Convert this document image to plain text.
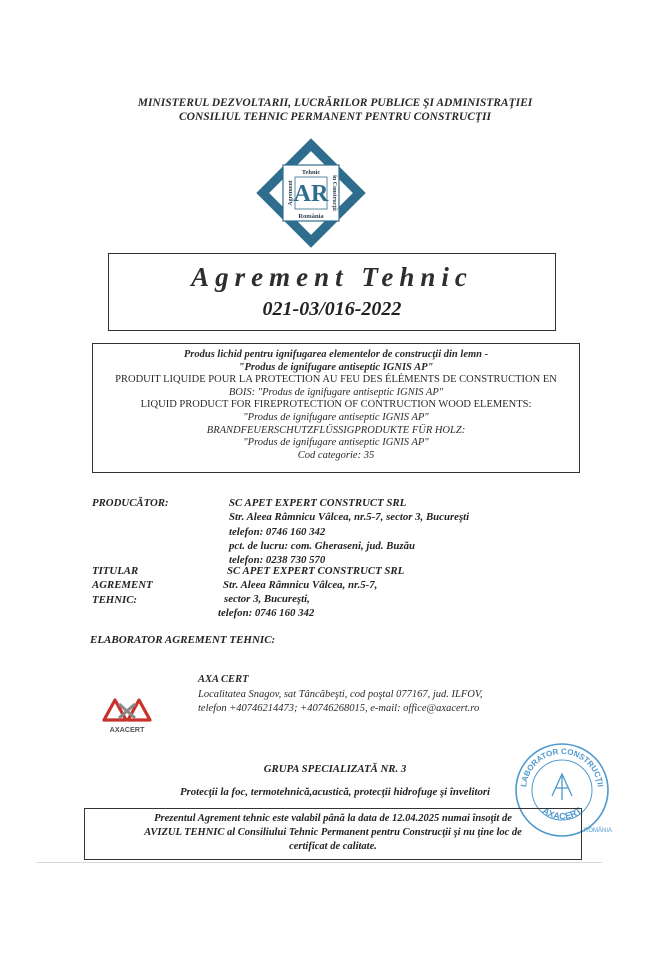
MINISTERUL DEZVOLTARII, LUCRĂRILOR PUBLICE ŞI ADMINISTRAŢIEI
CONSILIUL TEHNIC PERMANENT PENTRU CONSTRUCŢII
AR
Tehnic
România
în Construcţii
Agrement
Agrement Tehnic
021-03/016-2022
Produs lichid pentru ignifugarea elementelor de construcţii din lemn -
"Produs de ignifugare antiseptic IGNIS AP"
PRODUIT LIQUIDE POUR LA PROTECTION AU FEU DES ÉLÉMENTS DE CONSTRUCTION EN
BOIS: "Produs de ignifugare antiseptic IGNIS AP"
LIQUID PRODUCT FOR FIREPROTECTION OF CONTRUCTION WOOD ELEMENTS:
"Produs de ignifugare antiseptic IGNIS AP"
BRANDFEUERSCHUTZFLÜSSIGPRODUKTE FÜR HOLZ:
"Produs de ignifugare antiseptic IGNIS AP"
Cod categorie: 35
PRODUCĂTOR:	SC APET EXPERT CONSTRUCT SRL
Str. Aleea Râmnicu Vâlcea, nr.5-7, sector 3, Bucureşti
telefon: 0746 160 342
pct. de lucru: com. Gheraseni, jud. Buzău
telefon: 0238 730 570
TITULAR
AGREMENT
TEHNIC:
SC APET EXPERT CONSTRUCT SRL
Str. Aleea Râmnicu Vâlcea, nr.5-7,
sector 3, Bucureşti,
telefon: 0746 160 342
ELABORATOR AGREMENT TEHNIC:
AXACERT
AXA CERT
Localitatea Snagov, sat Tâncăbeşti, cod poştal 077167, jud. ILFOV,
telefon +40746214473; +40746268015, e-mail: office@axacert.ro
GRUPA SPECIALIZATĂ NR. 3
Protecţii la foc, termotehnică,acustică, protecţii hidrofuge şi învelitori
LABORATOR CONSTRUCŢII
AXACERT
ROMÂNIA
Prezentul Agrement tehnic este valabil până la data de 12.04.2025 numai însoţit de
AVIZUL TEHNIC al Consiliului Tehnic Permanent pentru Construcţii şi nu ţine loc de
certificat de calitate.
